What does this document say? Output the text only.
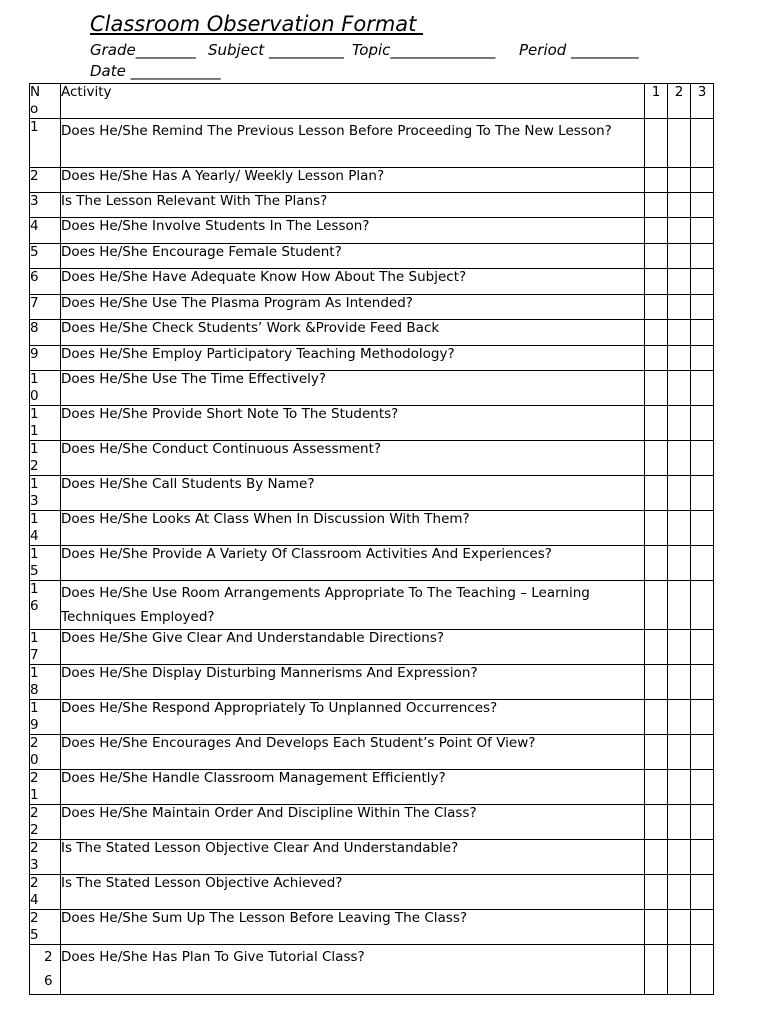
Classroom Observation Format
Grade________ Subject __________ Topic______________ Period _________
Date ____________
No	Activity	1	2	3

1	Does He/She Remind The Previous Lesson Before Proceeding To The New Lesson?			

2	Does He/She Has A Yearly/ Weekly Lesson Plan?			

3	Is The Lesson Relevant With The Plans?			

4	Does He/She Involve Students In The Lesson?			

5	Does He/She Encourage Female Student?			

6	Does He/She Have Adequate Know How About The Subject?			

7	Does He/She Use The Plasma Program As Intended?			

8	Does He/She Check Students’ Work &Provide Feed Back			

9	Does He/She Employ Participatory Teaching Methodology?			

10	Does He/She Use The Time Effectively?			

11	Does He/She Provide Short Note To The Students?			

12	Does He/She Conduct Continuous Assessment?			

13	Does He/She Call Students By Name?			

14	Does He/She Looks At Class When In Discussion With Them?			

15	Does He/She Provide A Variety Of Classroom Activities And Experiences?			

16	Does He/She Use Room Arrangements Appropriate To The Teaching – Learning Techniques Employed?			

17	Does He/She Give Clear And Understandable Directions?			

18	Does He/She Display Disturbing Mannerisms And Expression?			

19	Does He/She Respond Appropriately To Unplanned Occurrences?			

20	Does He/She Encourages And Develops Each Student’s Point Of View?			

21	Does He/She Handle Classroom Management Efficiently?			

22	Does He/She Maintain Order And Discipline Within The Class?			

23	Is The Stated Lesson Objective Clear And Understandable?			

24	Is The Stated Lesson Objective Achieved?			

25	Does He/She Sum Up The Lesson Before Leaving The Class?			

26	Does He/She Has Plan To Give Tutorial Class?			
